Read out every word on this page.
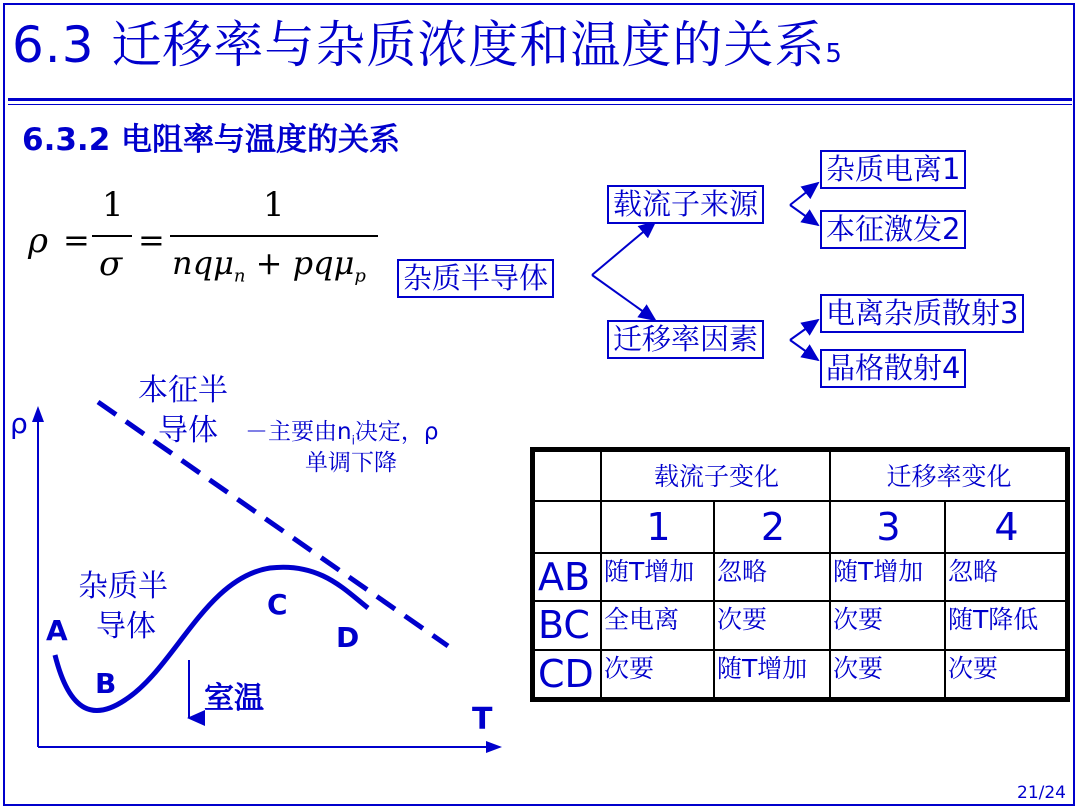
6.3 迁移率与杂质浓度和温度的关系5
6.3.2 电阻率与温度的关系
ρ =
1
σ
=
1
nqμ$_n$ + pqμ$_p$ 杂质半导体
载流子来源
迁移率因素
杂质电离1
本征激发2
电离杂质散射3
晶格散射4
ρ
T
本征半
导体 －主要由$n_i$决定，ρ
单调下降
杂质半
导体
A
B
C
D
室温
	载流子变化		迁移率变化	
	1	2	3	4
AB	随T增加	忽略	随T增加	忽略
BC	全电离	次要	次要	随T降低
CD	次要	随T增加	次要	次要
21/24
